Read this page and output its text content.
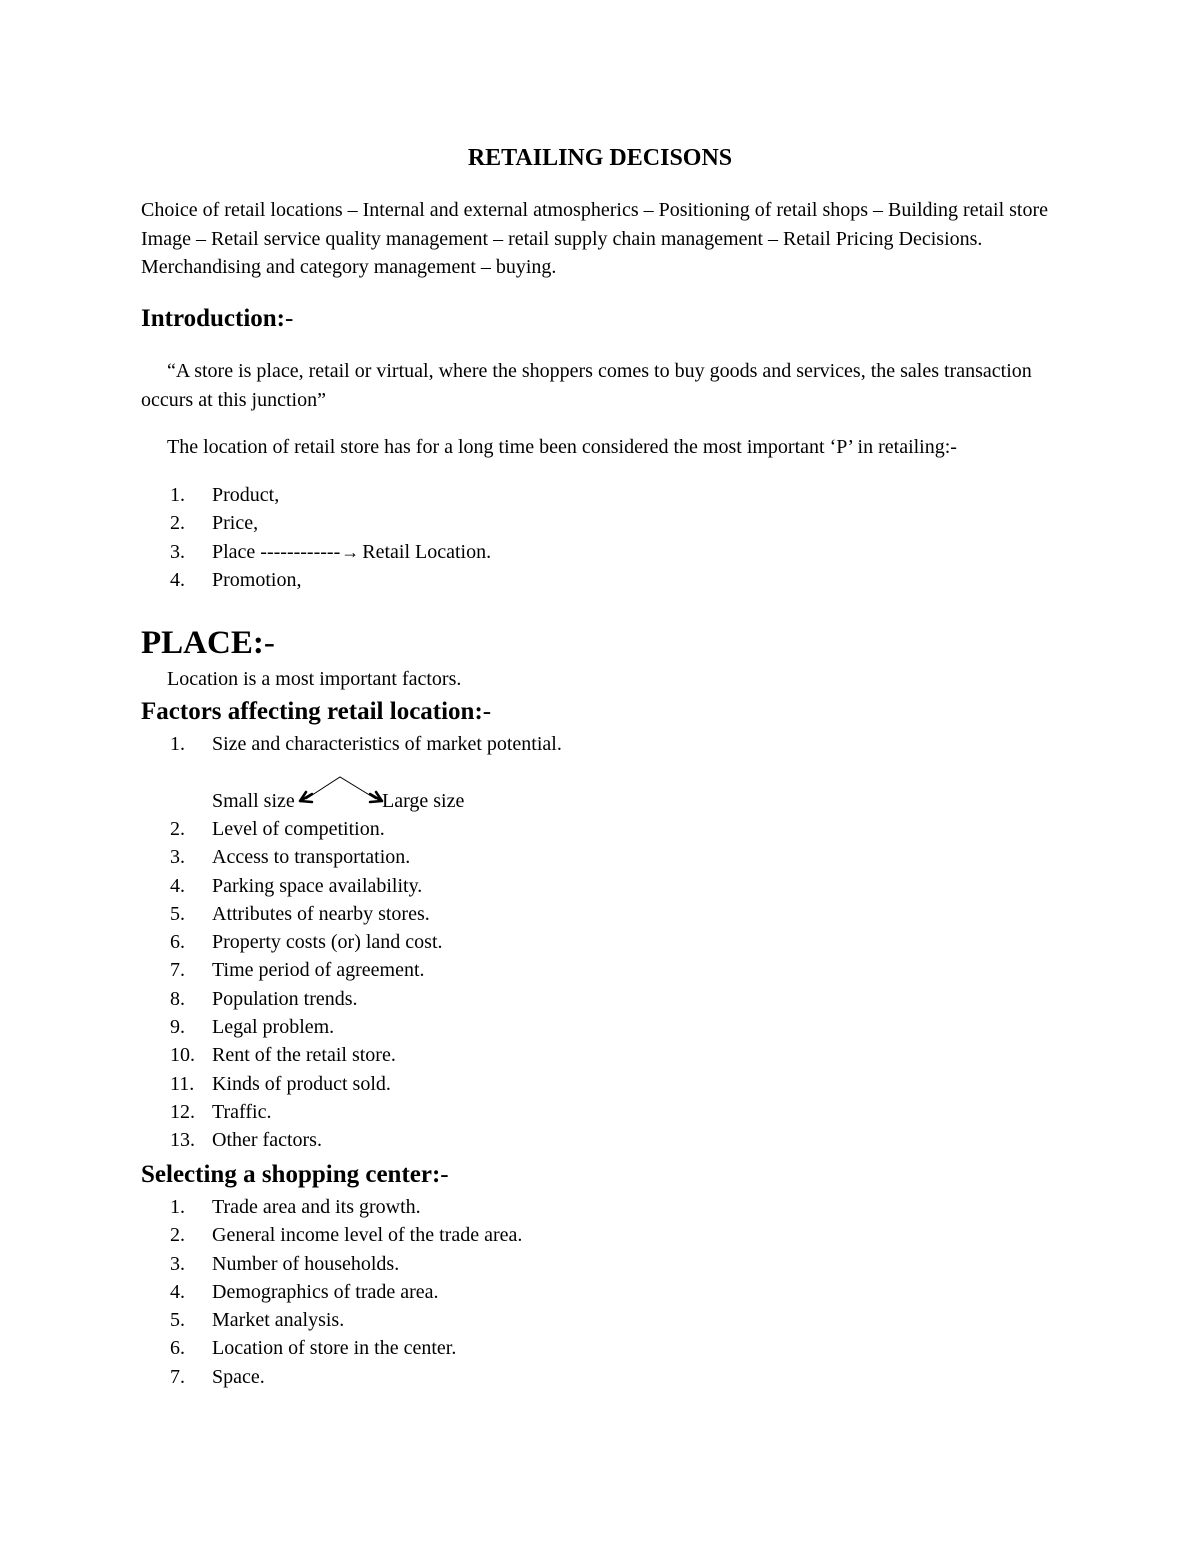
RETAILING DECISONS

Choice of retail locations – Internal and external atmospherics – Positioning of retail shops – Building retail store Image – Retail service quality management – retail supply chain management – Retail Pricing Decisions. Merchandising and category management – buying.

Introduction:-

“A store is place, retail or virtual, where the shoppers comes to buy goods and services, the sales transaction occurs at this junction”

The location of retail store has for a long time been considered the most important ‘P’ in retailing:-

1.	Product,
2.	Price,
3.	Place ------------→ Retail Location.
4.	Promotion,
PLACE:-

Location is a most important factors.

Factors affecting retail location:-
1.	Size and characteristics of market potential.
Small size	Large size
2.	Level of competition.
3.	Access to transportation.
4.	Parking space availability.
5.	Attributes of nearby stores.
6.	Property costs (or) land cost.
7.	Time period of agreement.
8.	Population trends.
9.	Legal problem.
10. Rent of the retail store.
11. Kinds of product sold.
12. Traffic.
13. Other factors.
Selecting a shopping center:-
1.	Trade area and its growth.
2.	General income level of the trade area.
3.	Number of households.
4.	Demographics of trade area.
5.	Market analysis.
6.	Location of store in the center.
7.	Space.
